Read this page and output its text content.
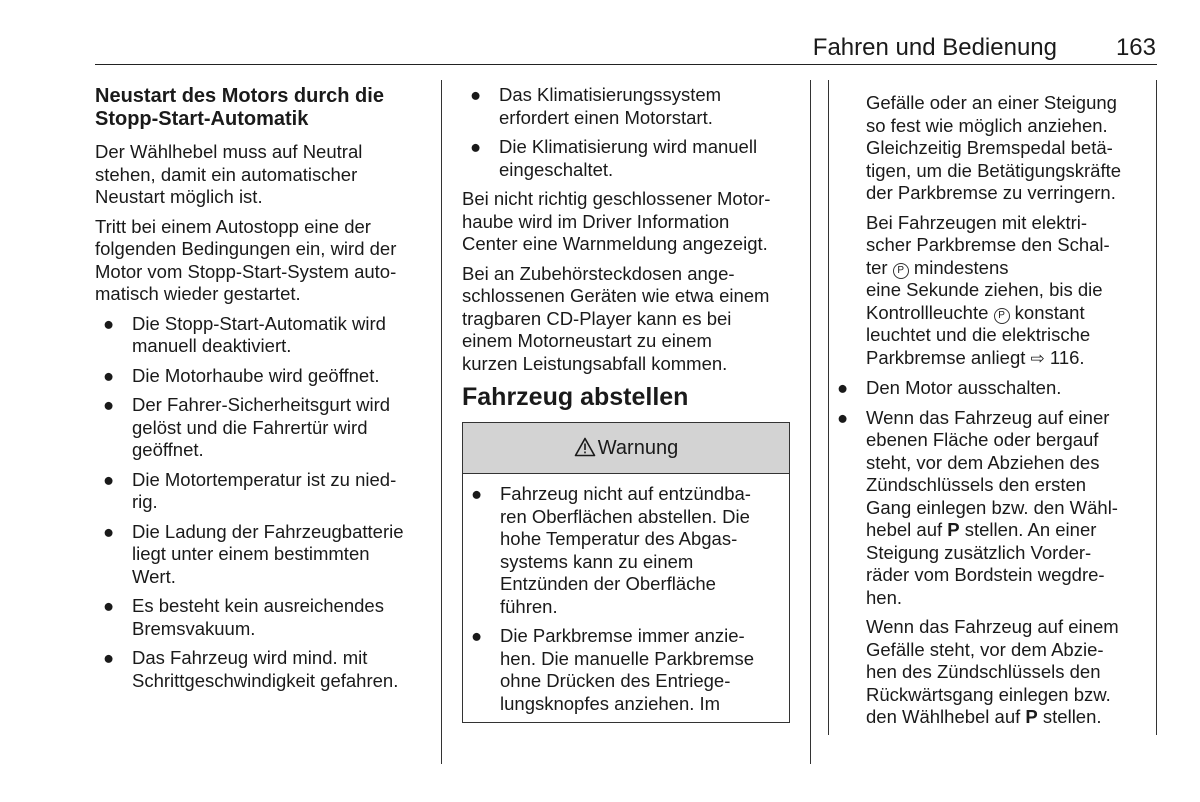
Fahren und Bedienung	163
Neustart des Motors durch die
Stopp-Start-Automatik

Der Wählhebel muss auf Neutral
stehen, damit ein automatischer
Neustart möglich ist.

Tritt bei einem Autostopp eine der
folgenden Bedingungen ein, wird der
Motor vom Stopp-Start-System auto‐
matisch wieder gestartet.

● Die Stopp-Start-Automatik wird
manuell deaktiviert.
● Die Motorhaube wird geöffnet.
● Der Fahrer-Sicherheitsgurt wird
gelöst und die Fahrertür wird
geöffnet.
● Die Motortemperatur ist zu nied‐
rig.
● Die Ladung der Fahrzeugbatterie
liegt unter einem bestimmten
Wert.
● Es besteht kein ausreichendes
Bremsvakuum.
● Das Fahrzeug wird mind. mit
Schrittgeschwindigkeit gefahren.
● Das Klimatisierungssystem
erfordert einen Motorstart.
● Die Klimatisierung wird manuell
eingeschaltet.

Bei nicht richtig geschlossener Motor‐
haube wird im Driver Information
Center eine Warnmeldung angezeigt.

Bei an Zubehörsteckdosen ange‐
schlossenen Geräten wie etwa einem
tragbaren CD-Player kann es bei
einem Motorneustart zu einem
kurzen Leistungsabfall kommen.

Fahrzeug abstellen
Warnung
● Fahrzeug nicht auf entzündba‐
ren Oberflächen abstellen. Die
hohe Temperatur des Abgas‐
systems kann zu einem
Entzünden der Oberfläche
führen.
● Die Parkbremse immer anzie‐
hen. Die manuelle Parkbremse
ohne Drücken des Entriege‐
lungsknopfes anziehen. Im

Gefälle oder an einer Steigung
so fest wie möglich anziehen.
Gleichzeitig Bremspedal betä‐
tigen, um die Betätigungskräfte
der Parkbremse zu verringern.

Bei Fahrzeugen mit elektri‐
scher Parkbremse den Schal‐
ter P mindestens
eine Sekunde ziehen, bis die
Kontrollleuchte P konstant
leuchtet und die elektrische
Parkbremse anliegt ⇨ 116.

● Den Motor ausschalten.
● Wenn das Fahrzeug auf einer
ebenen Fläche oder bergauf
steht, vor dem Abziehen des
Zündschlüssels den ersten
Gang einlegen bzw. den Wähl‐
hebel auf P stellen. An einer
Steigung zusätzlich Vorder‐
räder vom Bordstein wegdre‐
hen.

Wenn das Fahrzeug auf einem
Gefälle steht, vor dem Abzie‐
hen des Zündschlüssels den
Rückwärtsgang einlegen bzw.
den Wählhebel auf P stellen.
